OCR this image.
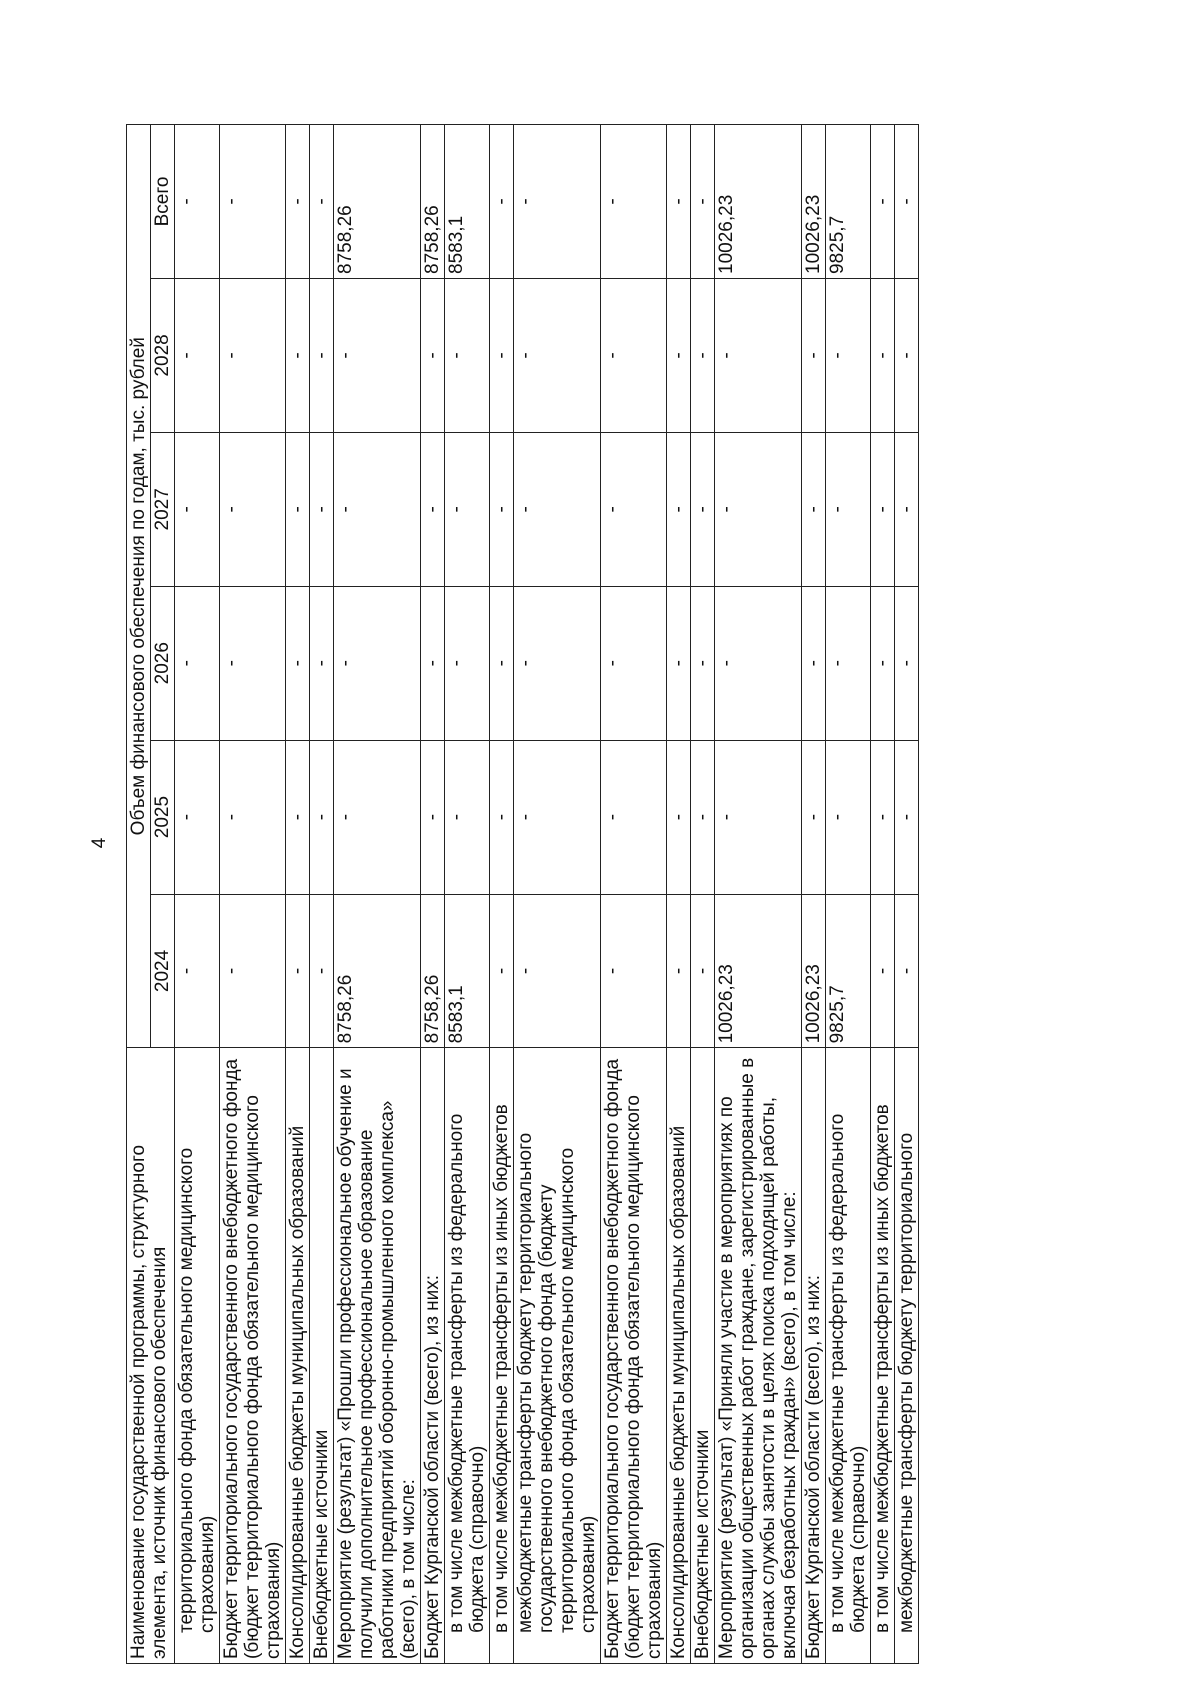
4
Наименование государственной программы, структурного элемента, источник финансового обеспечения	Объем финансового обеспечения по годам, тыс. рублей					
	2024	2025	2026	2027	2028	Всего
территориального фонда обязательного медицинского страхования)	-	-	-	-	-	-
Бюджет территориального государственного внебюджетного фонда (бюджет территориального фонда обязательного медицинского страхования)	-	-	-	-	-	-
Консолидированные бюджеты муниципальных образований	-	-	-	-	-	-
Внебюджетные источники	-	-	-	-	-	-
Мероприятие (результат) «Прошли профессиональное обучение и получили дополнительное профессиональное образование работники предприятий оборонно-промышленного комплекса» (всего), в том числе:	8758,26	-	-	-	-	8758,26
Бюджет Курганской области (всего), из них:	8758,26	-	-	-	-	8758,26
в том числе межбюджетные трансферты из федерального бюджета (справочно)	8583,1	-	-	-	-	8583,1
в том числе межбюджетные трансферты из иных бюджетов	-	-	-	-	-	-
межбюджетные трансферты бюджету территориального государственного внебюджетного фонда (бюджету территориального фонда обязательного медицинского страхования)	-	-	-	-	-	-
Бюджет территориального государственного внебюджетного фонда (бюджет территориального фонда обязательного медицинского страхования)	-	-	-	-	-	-
Консолидированные бюджеты муниципальных образований	-	-	-	-	-	-
Внебюджетные источники	-	-	-	-	-	-
Мероприятие (результат) «Приняли участие в мероприятиях по организации общественных работ граждане, зарегистрированные в органах службы занятости в целях поиска подходящей работы, включая безработных граждан» (всего), в том числе:	10026,23	-	-	-	-	10026,23
Бюджет Курганской области (всего), из них:	10026,23	-	-	-	-	10026,23
в том числе межбюджетные трансферты из федерального бюджета (справочно)	9825,7	-	-	-	-	9825,7
в том числе межбюджетные трансферты из иных бюджетов	-	-	-	-	-	-
межбюджетные трансферты бюджету территориального	-	-	-	-	-	-
